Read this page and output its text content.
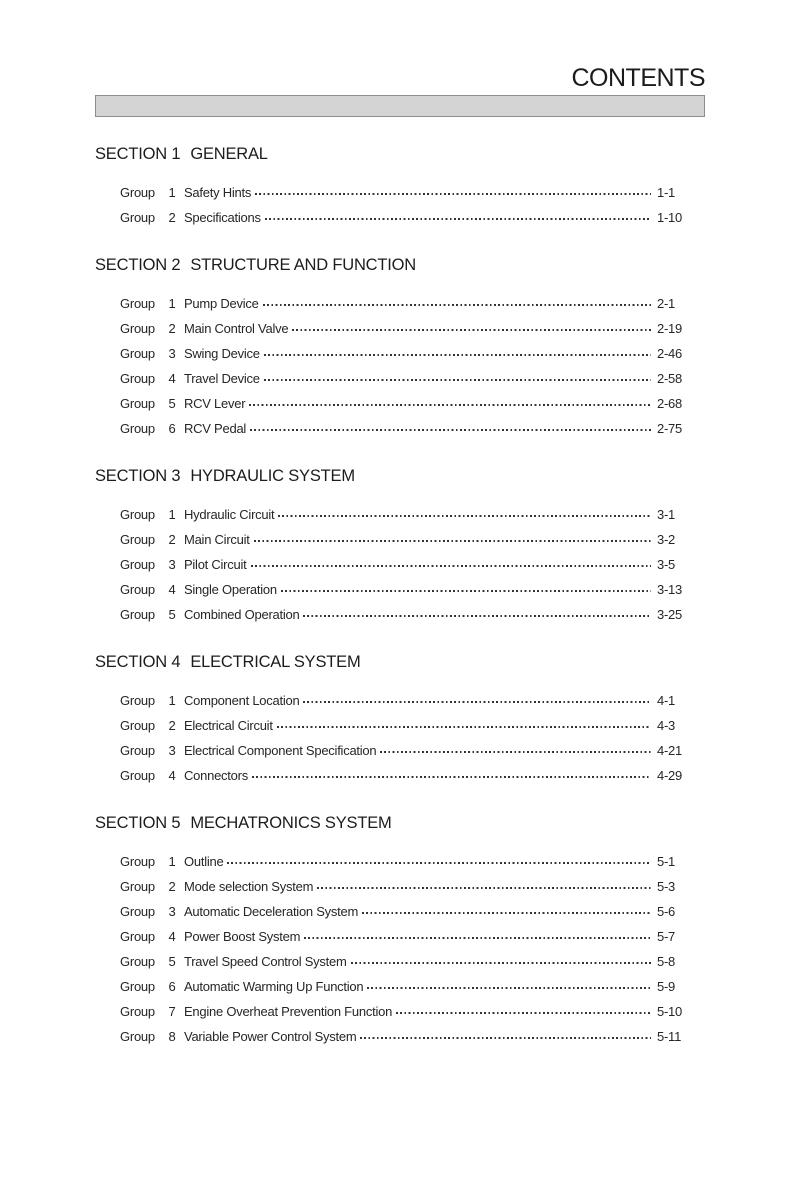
CONTENTS
SECTION 1 GENERAL
Group	1 Safety Hints	1-1
Group	2 Specifications	1-10
SECTION 2 STRUCTURE AND FUNCTION
Group	1 Pump Device	2-1
Group	2 Main Control Valve	2-19
Group	3 Swing Device	2-46
Group	4 Travel Device	2-58
Group	5 RCV Lever	2-68
Group	6 RCV Pedal	2-75
SECTION 3 HYDRAULIC SYSTEM
Group	1 Hydraulic Circuit	3-1
Group	2 Main Circuit	3-2
Group	3 Pilot Circuit	3-5
Group	4 Single Operation	3-13
Group	5 Combined Operation	3-25
SECTION 4 ELECTRICAL SYSTEM
Group	1 Component Location	4-1
Group	2 Electrical Circuit	4-3
Group	3 Electrical Component Specification	4-21
Group	4 Connectors	4-29
SECTION 5 MECHATRONICS SYSTEM
Group	1 Outline	5-1
Group	2 Mode selection System	5-3
Group	3 Automatic Deceleration System	5-6
Group	4 Power Boost System	5-7
Group	5 Travel Speed Control System	5-8
Group	6 Automatic Warming Up Function	5-9
Group	7 Engine Overheat Prevention Function	5-10
Group	8 Variable Power Control System	5-11
